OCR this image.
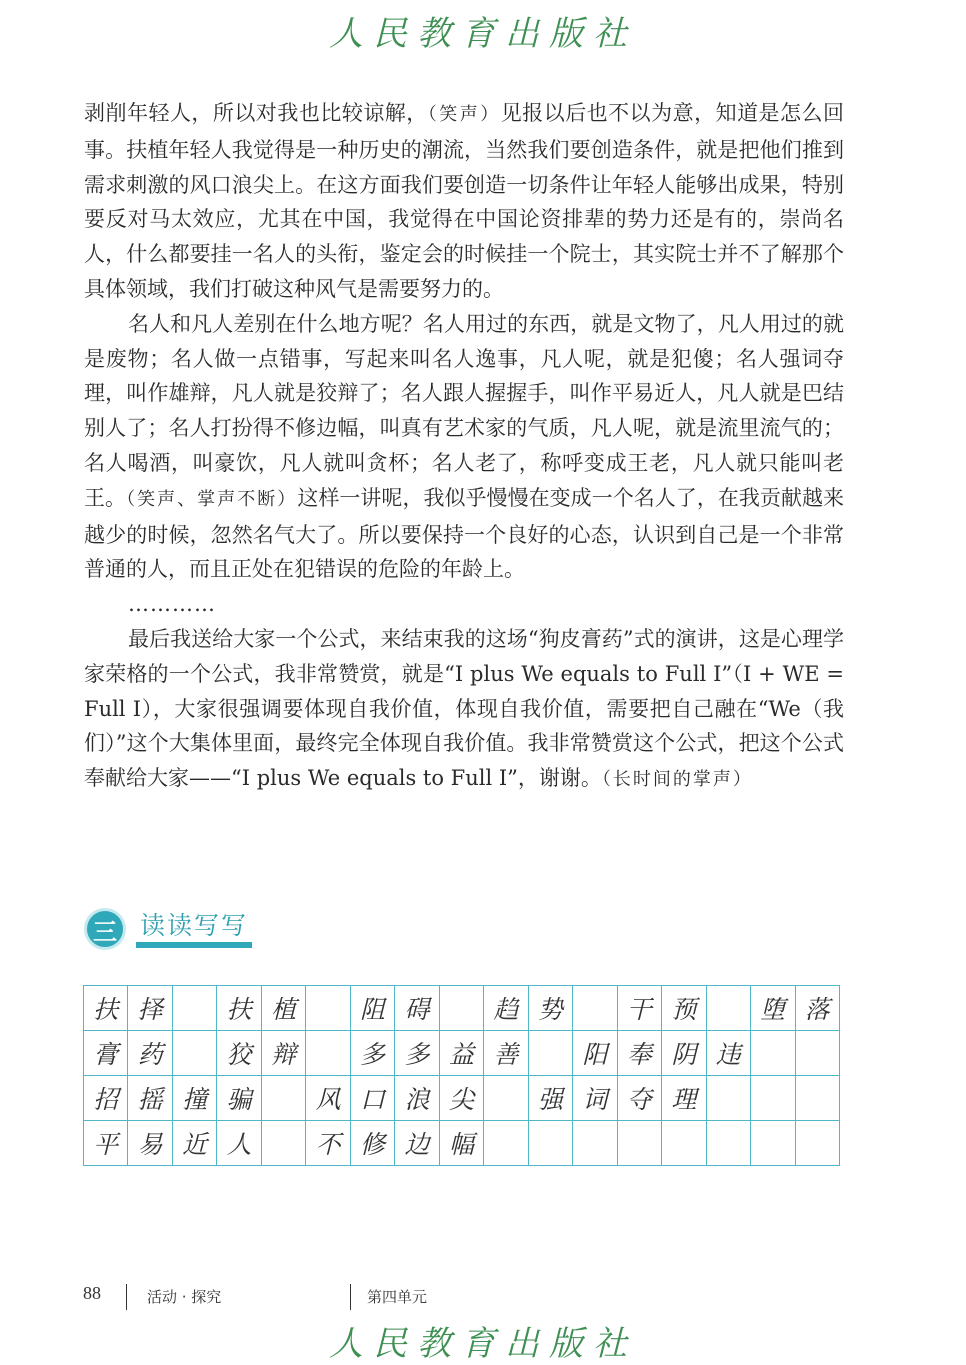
人民教育出版社

剥削年轻人，所以对我也比较谅解，（笑声）见报以后也不以为意，知道是怎么回事。扶植年轻人我觉得是一种历史的潮流，当然我们要创造条件，就是把他们推到需求刺激的风口浪尖上。在这方面我们要创造一切条件让年轻人能够出成果，特别要反对马太效应，尤其在中国，我觉得在中国论资排辈的势力还是有的，崇尚名人，什么都要挂一名人的头衔，鉴定会的时候挂一个院士，其实院士并不了解那个具体领域，我们打破这种风气是需要努力的。

名人和凡人差别在什么地方呢？名人用过的东西，就是文物了，凡人用过的就是废物；名人做一点错事，写起来叫名人逸事，凡人呢，就是犯傻；名人强词夺理，叫作雄辩，凡人就是狡辩了；名人跟人握握手，叫作平易近人，凡人就是巴结别人了；名人打扮得不修边幅，叫真有艺术家的气质，凡人呢，就是流里流气的；名人喝酒，叫豪饮，凡人就叫贪杯；名人老了，称呼变成王老，凡人就只能叫老王。（笑声、掌声不断）这样一讲呢，我似乎慢慢在变成一个名人了，在我贡献越来越少的时候，忽然名气大了。所以要保持一个良好的心态，认识到自己是一个非常普通的人，而且正处在犯错误的危险的年龄上。

…………

最后我送给大家一个公式，来结束我的这场“狗皮膏药”式的演讲，这是心理学家荣格的一个公式，我非常赞赏，就是“I plus We equals to Full I”（I + WE = Full I），大家很强调要体现自我价值，体现自我价值，需要把自己融在“We（我们）”这个大集体里面，最终完全体现自我价值。我非常赞赏这个公式，把这个公式奉献给大家——“I plus We equals to Full I”，谢谢。（长时间的掌声）

三 读读写写
扶	择		扶	植		阻	碍		趋	势		干	预		堕	落
膏	药		狡	辩		多	多	益	善		阳	奉	阴	违		
招	摇	撞	骗		风	口	浪	尖		强	词	夺	理			
平	易	近	人		不	修	边	幅								
88	活动 · 探究	第四单元
人民教育出版社
